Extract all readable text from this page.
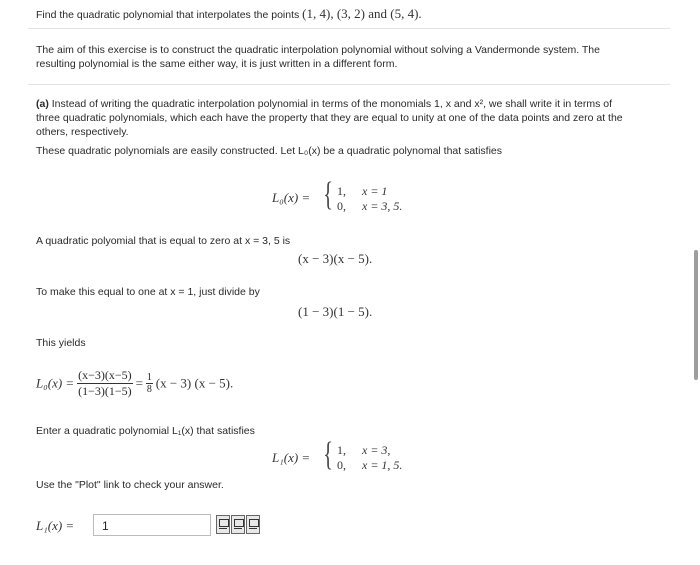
Find the quadratic polynomial that interpolates the points (1, 4), (3, 2) and (5, 4).
The aim of this exercise is to construct the quadratic interpolation polynomial without solving a Vandermonde system. The
resulting polynomial is the same either way, it is just written in a different form.
(a) Instead of writing the quadratic interpolation polynomial in terms of the monomials 1, x and x², we shall write it in terms of
three quadratic polynomials, which each have the property that they are equal to unity at one of the data points and zero at the
others, respectively.
These quadratic polynomials are easily constructed. Let L₀(x) be a quadratic polynomal that satisfies
L₀(x) = { 1, x = 1
0, x = 3, 5.
A quadratic polyomial that is equal to zero at x = 3, 5 is
(x − 3)(x − 5).
To make this equal to one at x = 1, just divide by
(1 − 3)(1 − 5).
This yields
$L_0(x) = \frac{(x-3)(x-5)}{(1-3)(1-5)} = \frac{1}{8} (x - 3) (x - 5)$.
Enter a quadratic polynomial L₁(x) that satisfies
L₁(x) = { 1, x = 3,
0, x = 1, 5.
Use the "Plot" link to check your answer.
L₁(x) =	1
